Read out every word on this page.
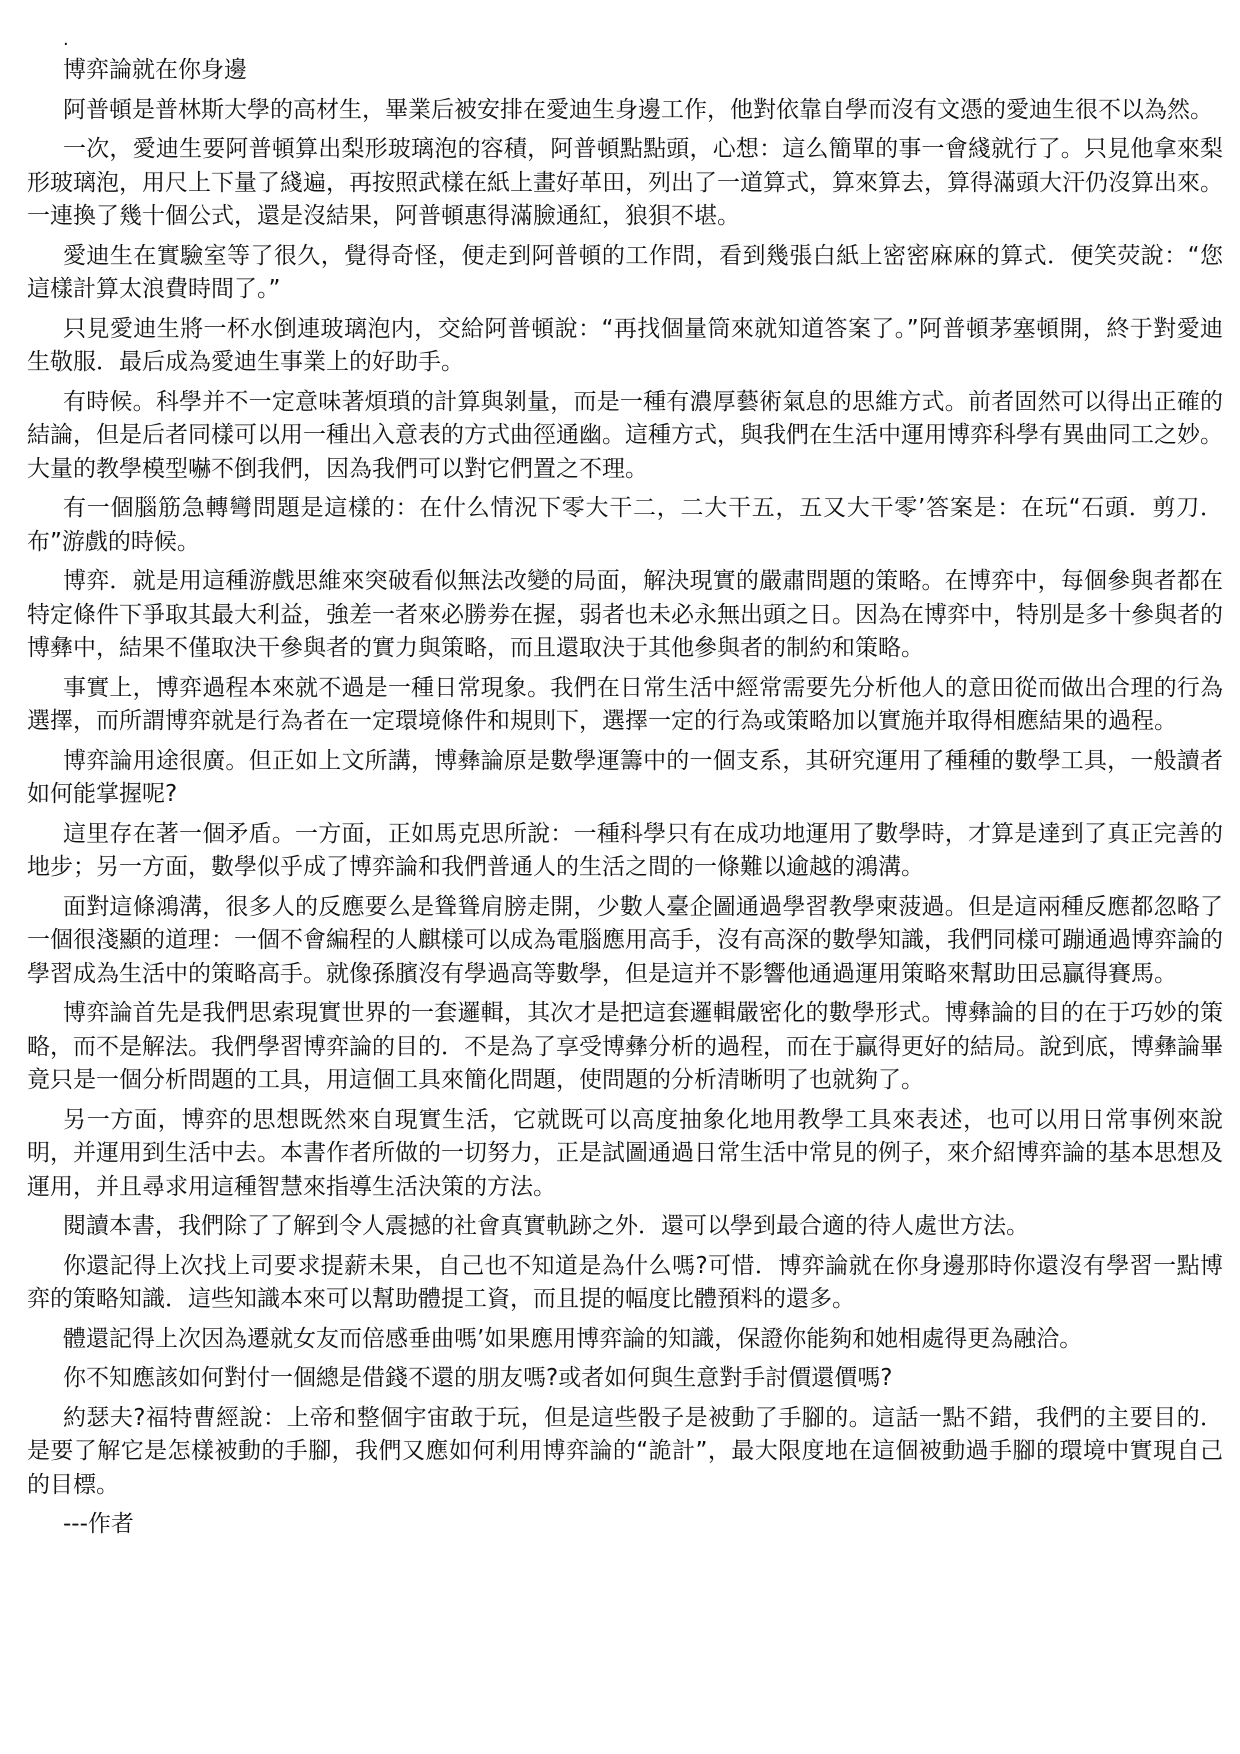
.

博弈論就在你身邊

阿普頓是普林斯大學的高材生，畢業后被安排在愛迪生身邊工作，他對依靠自學而沒有文憑的愛迪生很不以為然。

一次，愛迪生要阿普頓算出梨形玻璃泡的容積，阿普頓點點頭，心想：這么簡單的事一會綫就行了。只見他拿來梨形玻璃泡，用尺上下量了綫遍，再按照武樣在紙上畫好革田，列出了一道算式，算來算去，算得滿頭大汗仍沒算出來。一連換了幾十個公式，還是沒結果，阿普頓惠得滿臉通紅，狼狽不堪。

愛迪生在實驗室等了很久，覺得奇怪，便走到阿普頓的工作問，看到幾張白紙上密密麻麻的算式．便笑荧說：“您這樣計算太浪費時間了。”

只見愛迪生將一杯水倒連玻璃泡内，交給阿普頓說：“再找個量筒來就知道答案了。”阿普頓茅塞頓開，終于對愛迪生敬服．最后成為愛迪生事業上的好助手。

有時候。科學并不一定意味著煩瑣的計算與剝量，而是一種有濃厚藝術氣息的思維方式。前者固然可以得出正確的結論，但是后者同樣可以用一種出入意表的方式曲徑通幽。這種方式，與我們在生活中運用博弈科學有異曲同工之妙。大量的教學模型嚇不倒我們，因為我們可以對它們置之不理。

有一個腦筋急轉彎問題是這樣的：在什么情況下零大干二，二大干五，五又大干零’答案是：在玩“石頭．剪刀．布”游戲的時候。

博弈．就是用這種游戲思維來突破看似無法改變的局面，解決現實的嚴肅問題的策略。在博弈中，每個參與者都在特定條件下爭取其最大利益，強差一者來必勝劵在握，弱者也未必永無出頭之日。因為在博弈中，特別是多十參與者的博彝中，結果不僅取決干參與者的實力與策略，而且還取決于其他參與者的制約和策略。

事實上，博弈過程本來就不過是一種日常現象。我們在日常生活中經常需要先分析他人的意田從而做出合理的行為選擇，而所謂博弈就是行為者在一定環境條件和規則下，選擇一定的行為或策略加以實施并取得相應結果的過程。

博弈論用途很廣。但正如上文所講，博彝論原是數學運籌中的一個支系，其研究運用了種種的數學工具，一般讀者如何能掌握呢?

這里存在著一個矛盾。一方面，正如馬克思所說：一種科學只有在成功地運用了數學時，才算是達到了真正完善的地步；另一方面，數學似乎成了博弈論和我們普通人的生活之間的一條難以逾越的鴻溝。

面對這條鴻溝，很多人的反應要么是聳聳肩膀走開，少數人臺企圖通過學習教學柬菠過。但是這兩種反應都忽略了一個很淺顯的道理：一個不會編程的人麒樣可以成為電腦應用高手，沒有高深的數學知識，我們同樣可蹦通過博弈論的學習成為生活中的策略高手。就像孫臏沒有學過高等數學，但是這并不影響他通過運用策略來幫助田忌贏得賽馬。

博弈論首先是我們思索現實世界的一套邏輯，其次才是把這套邏輯嚴密化的數學形式。博彝論的目的在于巧妙的策略，而不是解法。我們學習博弈論的目的．不是為了享受博彝分析的過程，而在于贏得更好的結局。說到底，博彝論畢竟只是一個分析問題的工具，用這個工具來簡化問題，使問題的分析清晰明了也就夠了。

另一方面，博弈的思想既然來自現實生活，它就既可以高度抽象化地用教學工具來表述，也可以用日常事例來說明，并運用到生活中去。本書作者所做的一切努力，正是試圖通過日常生活中常見的例子，來介紹博弈論的基本思想及運用，并且尋求用這種智慧來指導生活決策的方法。

閱讀本書，我們除了了解到令人震撼的社會真實軌跡之外．還可以學到最合適的待人處世方法。

你還記得上次找上司要求提薪未果，自己也不知道是為什么嗎?可惜．博弈論就在你身邊那時你還沒有學習一點博弈的策略知識．這些知識本來可以幫助體提工資，而且提的幅度比體預料的還多。

體還記得上次因為遷就女友而倍感垂曲嗎’如果應用博弈論的知識，保證你能夠和她相處得更為融洽。

你不知應該如何對付一個總是借錢不還的朋友嗎?或者如何與生意對手討價還價嗎?

約瑟夫?福特曹經說：上帝和整個宇宙敢于玩，但是這些骰子是被動了手腳的。這話一點不錯，我們的主要目的．是要了解它是怎樣被動的手腳，我們又應如何利用博弈論的“詭計”，最大限度地在這個被動過手腳的環境中實現自己的目標。

---作者
